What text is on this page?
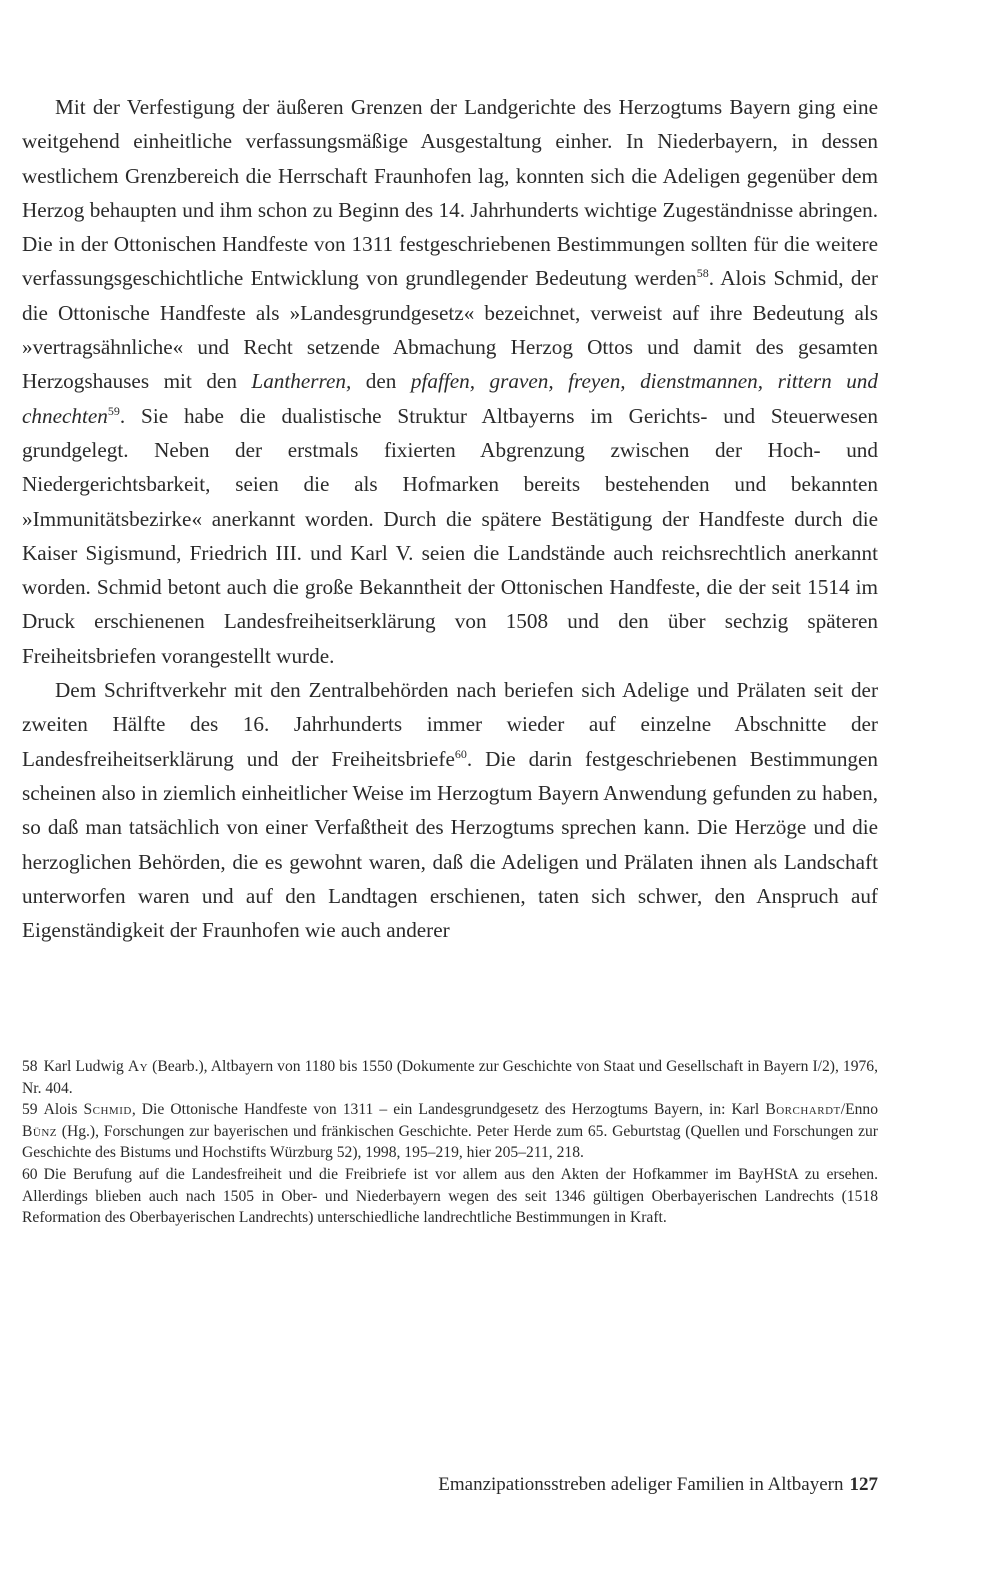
Mit der Verfestigung der äußeren Grenzen der Landgerichte des Herzogtums Bayern ging eine weitgehend einheitliche verfassungsmäßige Ausgestaltung einher. In Niederbayern, in dessen westlichem Grenzbereich die Herrschaft Fraunhofen lag, konnten sich die Adeligen gegenüber dem Herzog behaupten und ihm schon zu Beginn des 14. Jahrhunderts wichtige Zugeständnisse abringen. Die in der Ottonischen Handfeste von 1311 festgeschriebenen Bestimmungen sollten für die weitere verfassungsgeschichtliche Entwicklung von grundlegender Bedeutung werden$^{58}$. Alois Schmid, der die Ottonische Handfeste als »Landesgrundgesetz« bezeichnet, verweist auf ihre Bedeutung als »vertragsähnliche« und Recht setzende Abmachung Herzog Ottos und damit des gesamten Herzogshauses mit den Lantherren, den pfaffen, graven, freyen, dienstmannen, rittern und chnechten$^{59}$. Sie habe die dualistische Struktur Altbayerns im Gerichts- und Steuerwesen grundgelegt. Neben der erstmals fixierten Abgrenzung zwischen der Hoch- und Niedergerichtsbarkeit, seien die als Hofmarken bereits bestehenden und bekannten »Immunitätsbezirke« anerkannt worden. Durch die spätere Bestätigung der Handfeste durch die Kaiser Sigismund, Friedrich III. und Karl V. seien die Landstände auch reichsrechtlich anerkannt worden. Schmid betont auch die große Bekanntheit der Ottonischen Handfeste, die der seit 1514 im Druck erschienenen Landesfreiheitserklärung von 1508 und den über sechzig späteren Freiheitsbriefen vorangestellt wurde.

Dem Schriftverkehr mit den Zentralbehörden nach beriefen sich Adelige und Prälaten seit der zweiten Hälfte des 16. Jahrhunderts immer wieder auf einzelne Abschnitte der Landesfreiheitserklärung und der Freiheitsbriefe$^{60}$. Die darin festgeschriebenen Bestimmungen scheinen also in ziemlich einheitlicher Weise im Herzogtum Bayern Anwendung gefunden zu haben, so daß man tatsächlich von einer Verfaßtheit des Herzogtums sprechen kann. Die Herzöge und die herzoglichen Behörden, die es gewohnt waren, daß die Adeligen und Prälaten ihnen als Landschaft unterworfen waren und auf den Landtagen erschienen, taten sich schwer, den Anspruch auf Eigenständigkeit der Fraunhofen wie auch anderer

58 Karl Ludwig Ay (Bearb.), Altbayern von 1180 bis 1550 (Dokumente zur Geschichte von Staat und Gesellschaft in Bayern I/2), 1976, Nr. 404.

59 Alois Schmid, Die Ottonische Handfeste von 1311 – ein Landesgrundgesetz des Herzogtums Bayern, in: Karl Borchardt/Enno Bünz (Hg.), Forschungen zur bayerischen und fränkischen Geschichte. Peter Herde zum 65. Geburtstag (Quellen und Forschungen zur Geschichte des Bistums und Hochstifts Würzburg 52), 1998, 195–219, hier 205–211, 218.

60 Die Berufung auf die Landesfreiheit und die Freibriefe ist vor allem aus den Akten der Hofkammer im BayHStA zu ersehen. Allerdings blieben auch nach 1505 in Ober- und Niederbayern wegen des seit 1346 gültigen Oberbayerischen Landrechts (1518 Reformation des Oberbayerischen Landrechts) unterschiedliche landrechtliche Bestimmungen in Kraft.

Emanzipationsstreben adeliger Familien in Altbayern 127
